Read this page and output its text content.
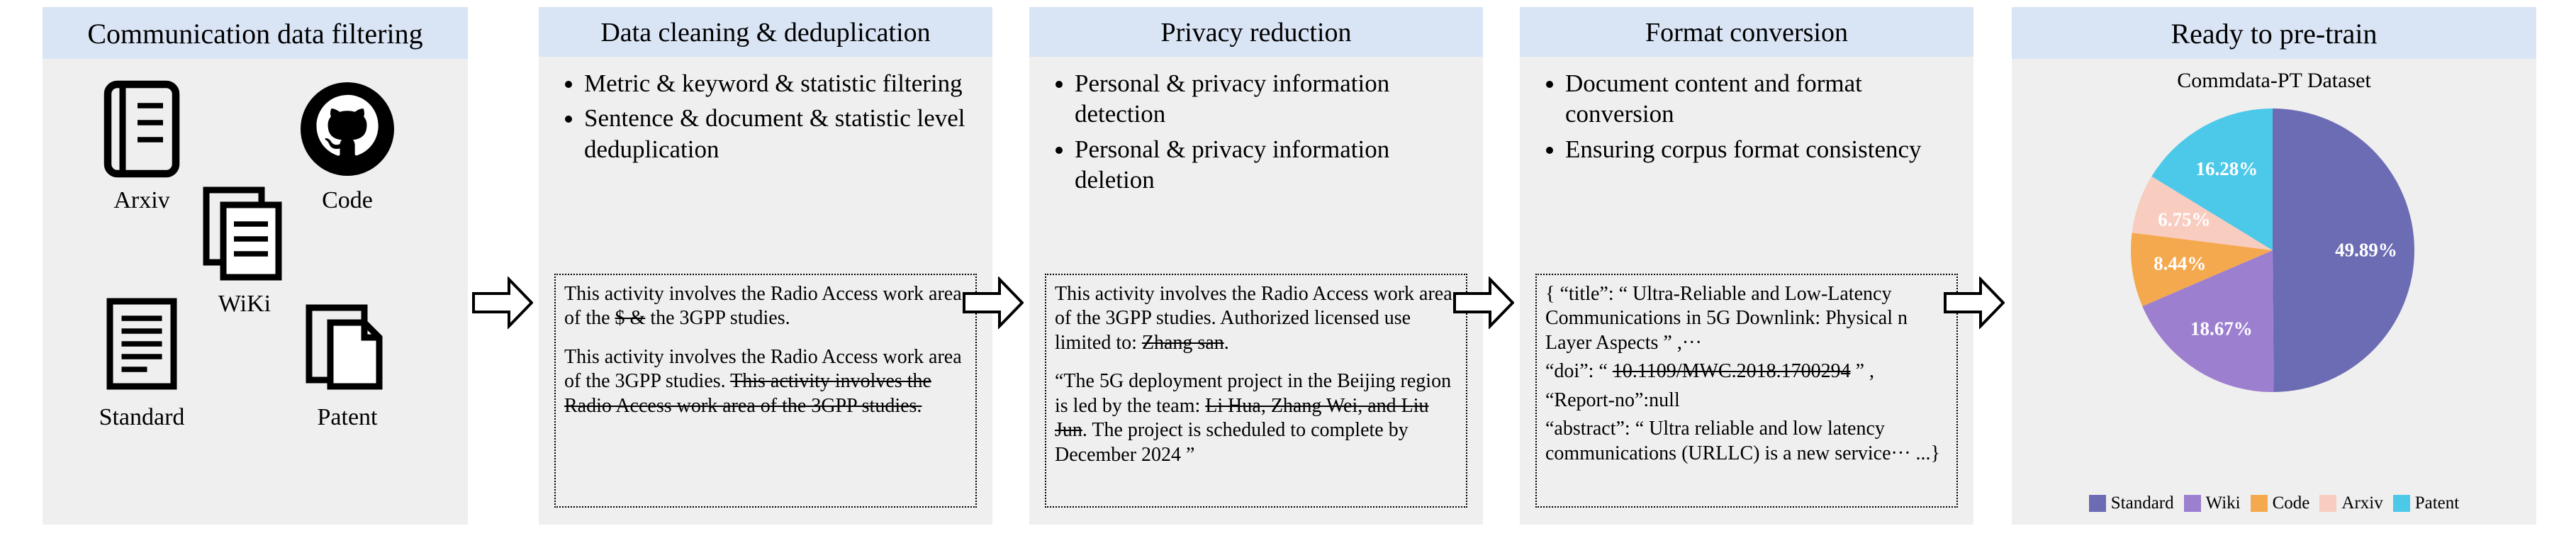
Communication data filtering
Arxiv	Code
WiKi
Standard	Patent
Data cleaning & deduplication
• Metric & keyword & statistic filtering
• Sentence & document & statistic level deduplication

This activity involves the Radio Access work area of the $ & the 3GPP studies.

This activity involves the Radio Access work area of the 3GPP studies. This activity involves the Radio Access work area of the 3GPP studies.

Privacy reduction
• Personal & privacy information detection
• Personal & privacy information deletion

This activity involves the Radio Access work area of the 3GPP studies. Authorized licensed use limited to: Zhang san.

“The 5G deployment project in the Beijing region is led by the team: Li Hua, Zhang Wei, and Liu Jun. The project is scheduled to complete by December 2024 ”

Format conversion
• Document content and format conversion
• Ensuring corpus format consistency

{ “title”: “ Ultra-Reliable and Low-Latency Communications in 5G Downlink: Physical n Layer Aspects ” ,···

“doi”: “ 10.1109/MWC.2018.1700294 ” ,

“Report-no”:null

“abstract”: “ Ultra reliable and low latency communications (URLLC) is a new service··· ...}

Ready to pre-train
Commdata-PT Dataset
49.89%
18.67%
8.44%
6.75%
16.28%
Standard Wiki Code Arxiv Patent
